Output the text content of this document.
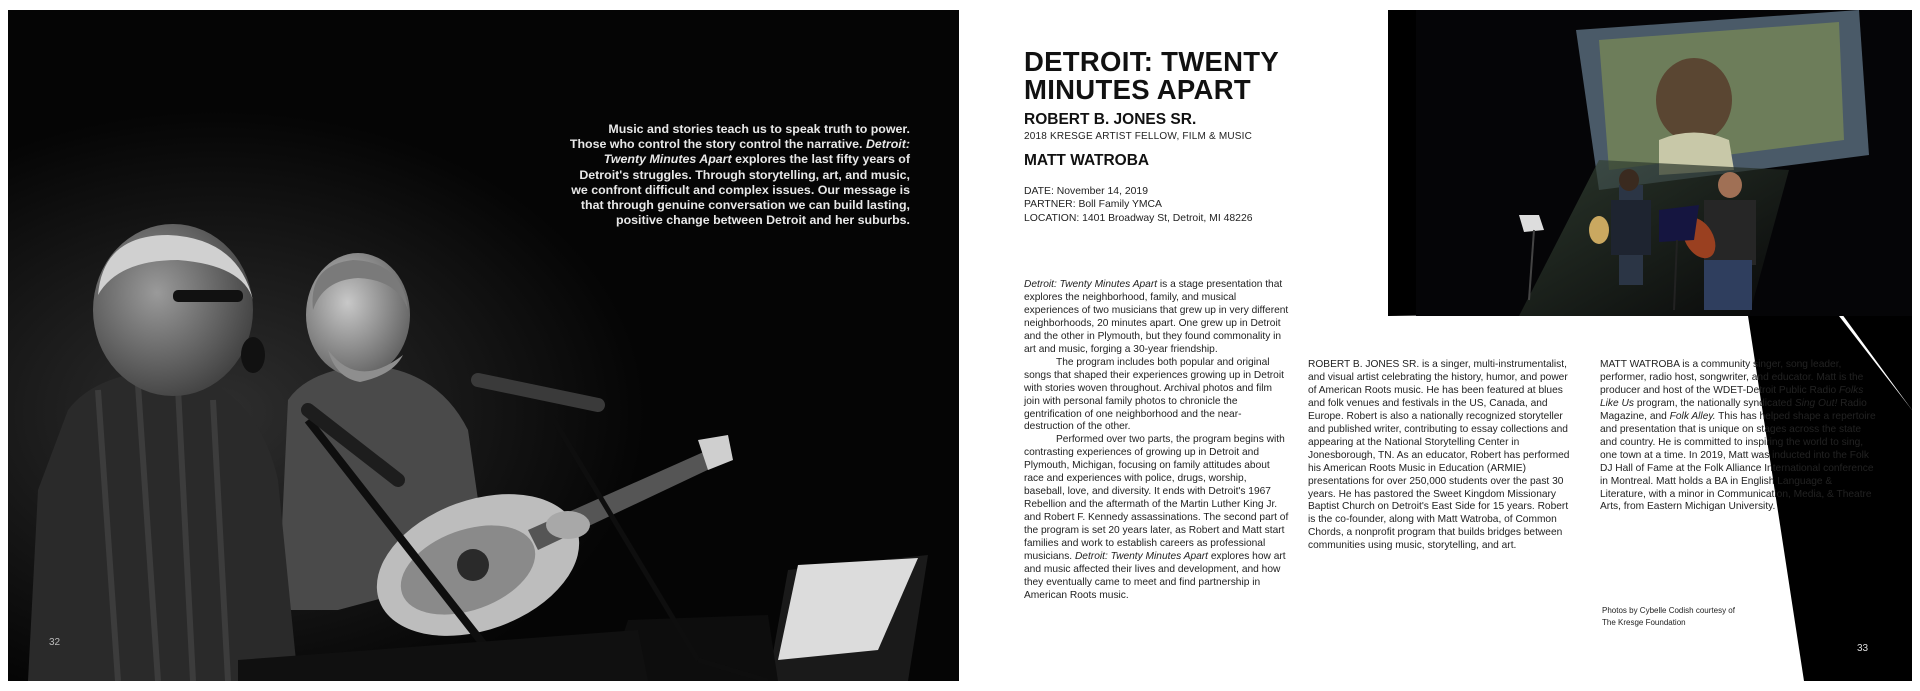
Music and stories teach us to speak truth to power.
Those who control the story control the narrative. Detroit:
Twenty Minutes Apart explores the last fifty years of
Detroit's struggles. Through storytelling, art, and music,
we confront difficult and complex issues. Our message is
that through genuine conversation we can build lasting,
positive change between Detroit and her suburbs.
32
DETROIT: TWENTY
MINUTES APART
ROBERT B. JONES SR.
2018 KRESGE ARTIST FELLOW, FILM & MUSIC
MATT WATROBA
DATE: November 14, 2019
PARTNER: Boll Family YMCA
LOCATION: 1401 Broadway St, Detroit, MI 48226

Detroit: Twenty Minutes Apart is a stage presentation that explores the neighborhood, family, and musical experiences of two musicians that grew up in very different neighborhoods, 20 minutes apart. One grew up in Detroit and the other in Plymouth, but they found commonality in art and music, forging a 30-year friendship.

The program includes both popular and original songs that shaped their experiences growing up in Detroit with stories woven throughout. Archival photos and film join with personal family photos to chronicle the gentrification of one neighborhood and the near-destruction of the other.

Performed over two parts, the program begins with contrasting experiences of growing up in Detroit and Plymouth, Michigan, focusing on family attitudes about race and experiences with police, drugs, worship, baseball, love, and diversity. It ends with Detroit's 1967 Rebellion and the aftermath of the Martin Luther King Jr. and Robert F. Kennedy assassinations. The second part of the program is set 20 years later, as Robert and Matt start families and work to establish careers as professional musicians. Detroit: Twenty Minutes Apart explores how art and music affected their lives and development, and how they eventually came to meet and find partnership in American Roots music.

ROBERT B. JONES SR. is a singer, multi-instrumentalist, and visual artist celebrating the history, humor, and power of American Roots music. He has been featured at blues and folk venues and festivals in the US, Canada, and Europe. Robert is also a nationally recognized storyteller and published writer, contributing to essay collections and appearing at the National Storytelling Center in Jonesborough, TN. As an educator, Robert has performed his American Roots Music in Education (ARMIE) presentations for over 250,000 students over the past 30 years. He has pastored the Sweet Kingdom Missionary Baptist Church on Detroit's East Side for 15 years. Robert is the co-founder, along with Matt Watroba, of Common Chords, a nonprofit program that builds bridges between communities using music, storytelling, and art.

MATT WATROBA is a community singer, song leader, performer, radio host, songwriter, and educator. Matt is the producer and host of the WDET-Detroit Public Radio Folks Like Us program, the nationally syndicated Sing Out! Radio Magazine, and Folk Alley. This has helped shape a repertoire and presentation that is unique on stages across the state and country. He is committed to inspiring the world to sing, one town at a time. In 2019, Matt was inducted into the Folk DJ Hall of Fame at the Folk Alliance International conference in Montreal. Matt holds a BA in English Language & Literature, with a minor in Communication, Media, & Theatre Arts, from Eastern Michigan University.

Photos by Cybelle Codish courtesy of
The Kresge Foundation
33
